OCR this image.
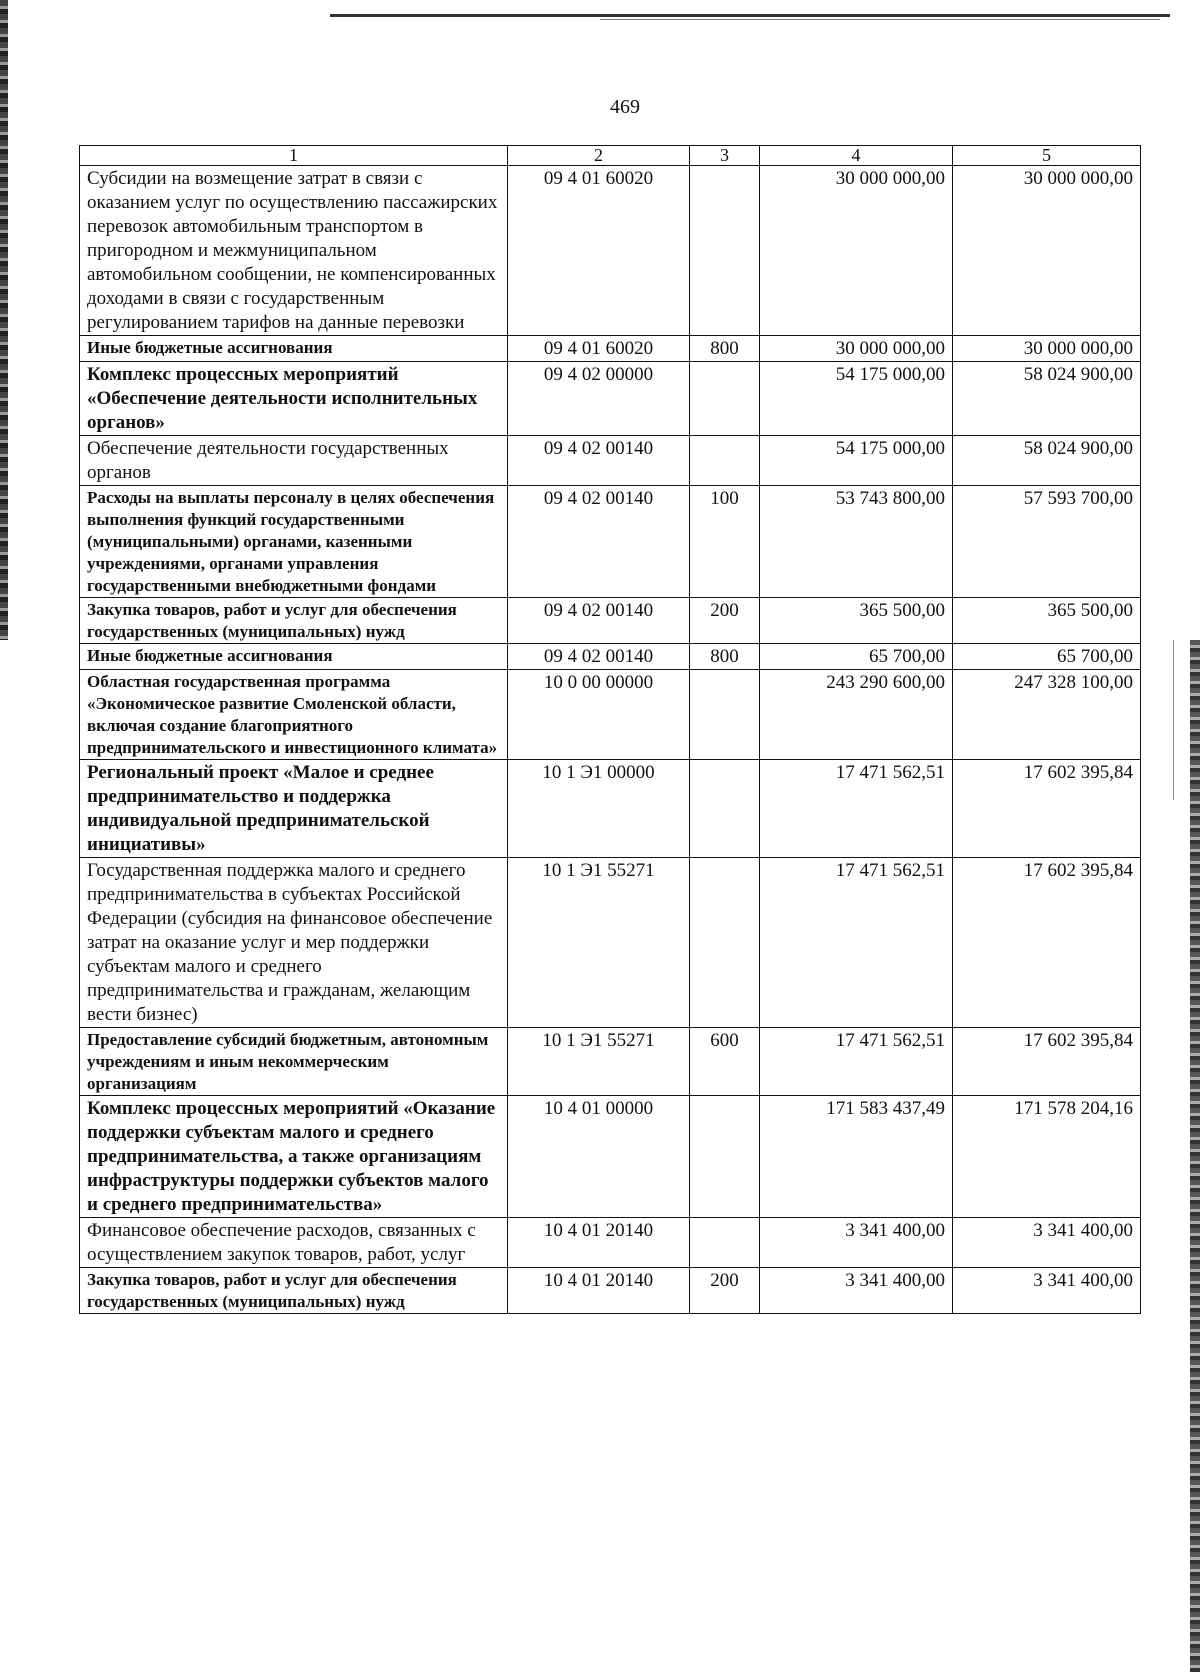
469
1	2	3	4	5
Субсидии на возмещение затрат в связи с оказанием услуг по осуществлению пассажирских перевозок автомобильным транспортом в пригородном и межмуниципальном автомобильном сообщении, не компенсированных доходами в связи с государственным регулированием тарифов на данные перевозки	09 4 01 60020		30 000 000,00	30 000 000,00
Иные бюджетные ассигнования	09 4 01 60020	800	30 000 000,00	30 000 000,00
Комплекс процессных мероприятий «Обеспечение деятельности исполнительных органов»	09 4 02 00000		54 175 000,00	58 024 900,00
Обеспечение деятельности государственных органов	09 4 02 00140		54 175 000,00	58 024 900,00
Расходы на выплаты персоналу в целях обеспечения выполнения функций государственными (муниципальными) органами, казенными учреждениями, органами управления государственными внебюджетными фондами	09 4 02 00140	100	53 743 800,00	57 593 700,00
Закупка товаров, работ и услуг для обеспечения государственных (муниципальных) нужд	09 4 02 00140	200	365 500,00	365 500,00
Иные бюджетные ассигнования	09 4 02 00140	800	65 700,00	65 700,00
Областная государственная программа «Экономическое развитие Смоленской области, включая создание благоприятного предпринимательского и инвестиционного климата»	10 0 00 00000		243 290 600,00	247 328 100,00
Региональный проект «Малое и среднее предпринимательство и поддержка индивидуальной предпринимательской инициативы»	10 1 Э1 00000		17 471 562,51	17 602 395,84
Государственная поддержка малого и среднего предпринимательства в субъектах Российской Федерации (субсидия на финансовое обеспечение затрат на оказание услуг и мер поддержки субъектам малого и среднего предпринимательства и гражданам, желающим вести бизнес)	10 1 Э1 55271		17 471 562,51	17 602 395,84
Предоставление субсидий бюджетным, автономным учреждениям и иным некоммерческим организациям	10 1 Э1 55271	600	17 471 562,51	17 602 395,84
Комплекс процессных мероприятий «Оказание поддержки субъектам малого и среднего предпринимательства, а также организациям инфраструктуры поддержки субъектов малого и среднего предпринимательства»	10 4 01 00000		171 583 437,49	171 578 204,16
Финансовое обеспечение расходов, связанных с осуществлением закупок товаров, работ, услуг	10 4 01 20140		3 341 400,00	3 341 400,00
Закупка товаров, работ и услуг для обеспечения государственных (муниципальных) нужд	10 4 01 20140	200	3 341 400,00	3 341 400,00
